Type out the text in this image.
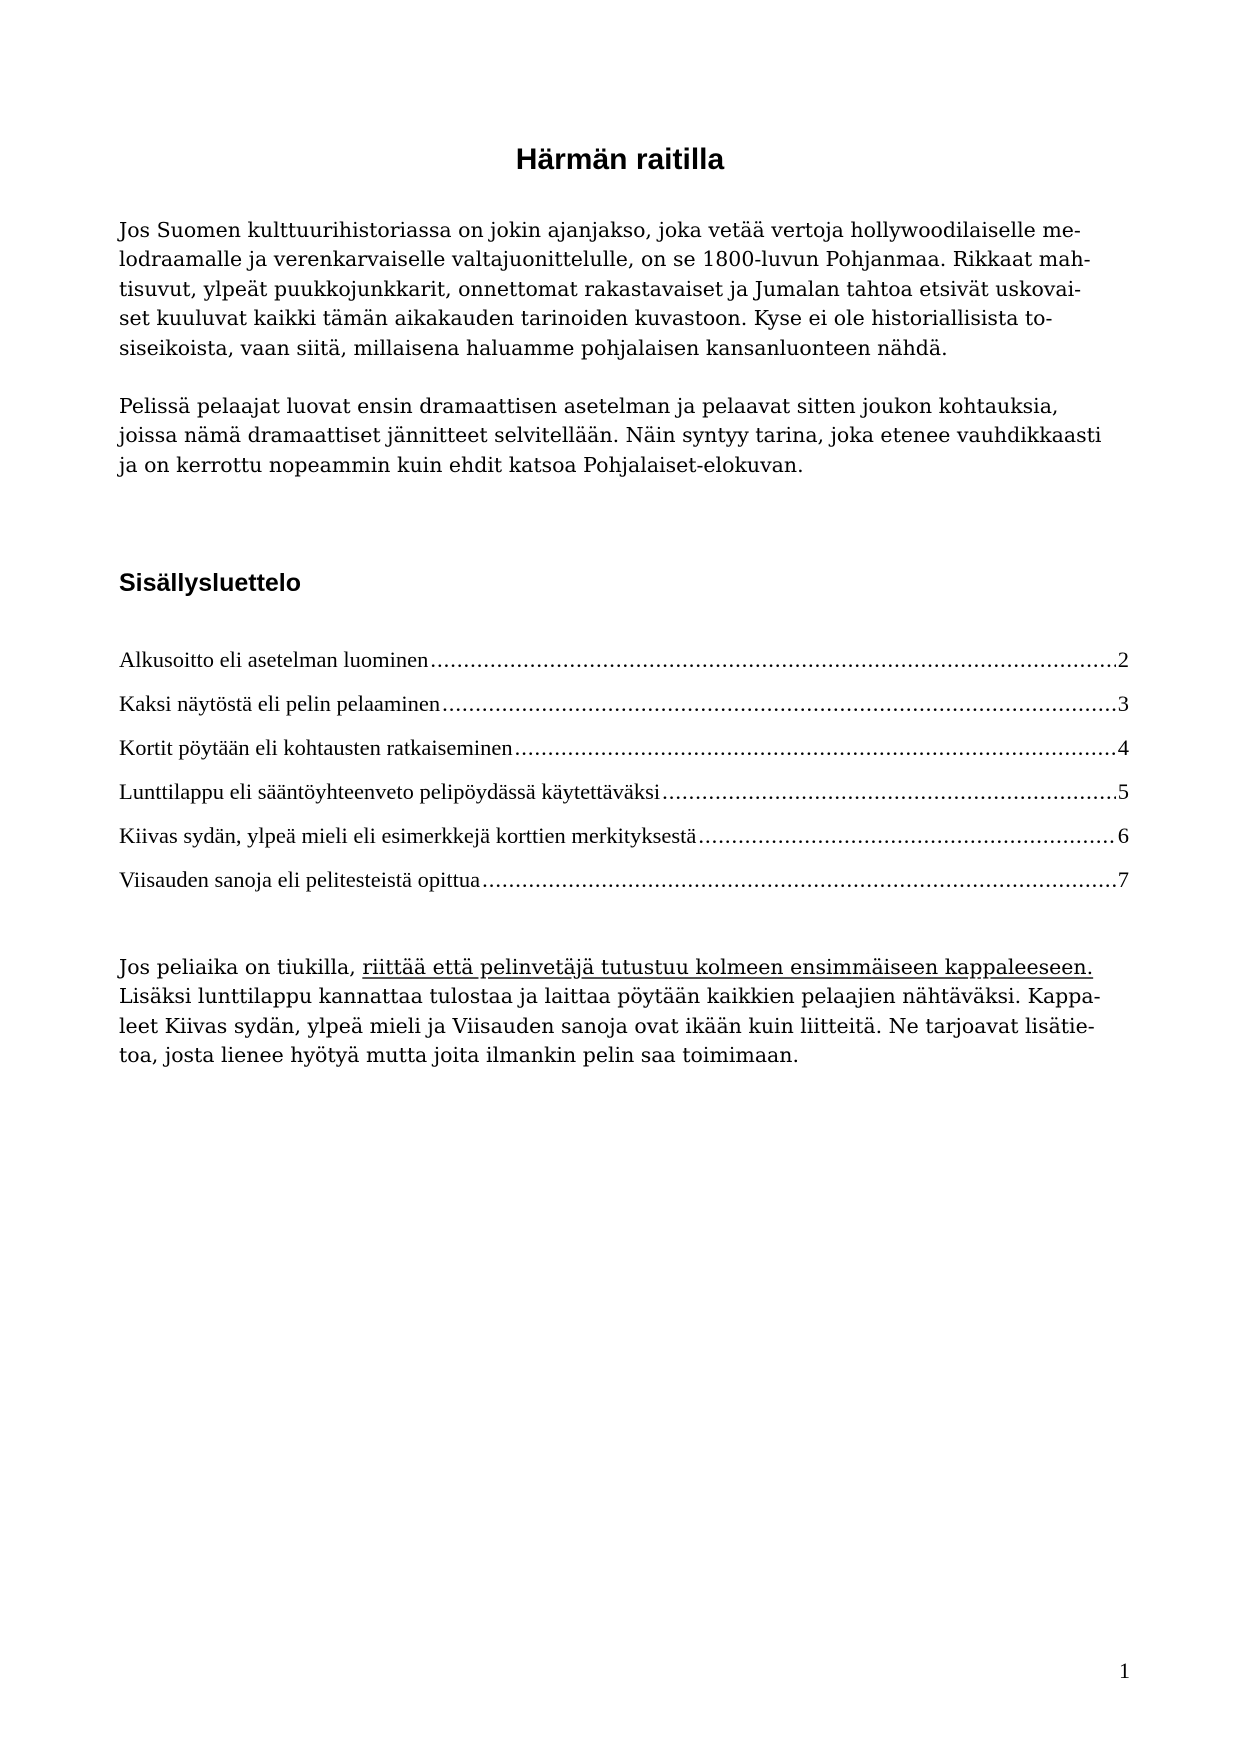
Härmän raitilla

Jos Suomen kulttuurihistoriassa on jokin ajanjakso, joka vetää vertoja hollywoodilaiselle me-
lodraamalle ja verenkarvaiselle valtajuonittelulle, on se 1800-luvun Pohjanmaa. Rikkaat mah-
tisuvut, ylpeät puukkojunkkarit, onnettomat rakastavaiset ja Jumalan tahtoa etsivät uskovai-
set kuuluvat kaikki tämän aikakauden tarinoiden kuvastoon. Kyse ei ole historiallisista to-
siseikoista, vaan siitä, millaisena haluamme pohjalaisen kansanluonteen nähdä.

Pelissä pelaajat luovat ensin dramaattisen asetelman ja pelaavat sitten joukon kohtauksia,
joissa nämä dramaattiset jännitteet selvitellään. Näin syntyy tarina, joka etenee vauhdikkaasti
ja on kerrottu nopeammin kuin ehdit katsoa Pohjalaiset-elokuvan.

Sisällysluettelo
Alkusoitto eli asetelman luominen .....	2
Kaksi näytöstä eli pelin pelaaminen .....	3
Kortit pöytään eli kohtausten ratkaiseminen .....	4
Lunttilappu eli sääntöyhteenveto pelipöydässä käytettäväksi .....	5
Kiivas sydän, ylpeä mieli eli esimerkkejä korttien merkityksestä .....	6
Viisauden sanoja eli pelitesteistä opittua .....	7

Jos peliaika on tiukilla, riittää että pelinvetäjä tutustuu kolmeen ensimmäiseen kappaleeseen.
Lisäksi lunttilappu kannattaa tulostaa ja laittaa pöytään kaikkien pelaajien nähtäväksi. Kappa-
leet Kiivas sydän, ylpeä mieli ja Viisauden sanoja ovat ikään kuin liitteitä. Ne tarjoavat lisätie-
toa, josta lienee hyötyä mutta joita ilmankin pelin saa toimimaan.

1
